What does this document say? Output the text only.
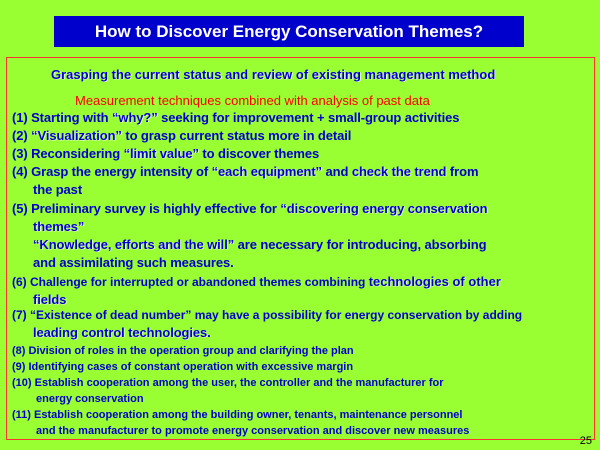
How to Discover Energy Conservation Themes?
Grasping the current status and review of existing management method
Measurement techniques combined with analysis of past data
(1) Starting with “why?” seeking for improvement + small-group activities
(2) “Visualization” to grasp current status more in detail
(3) Reconsidering “limit value” to discover themes
(4) Grasp the energy intensity of “each equipment” and check the trend from
the past
(5) Preliminary survey is highly effective for “discovering energy conservation
themes”
“Knowledge, efforts and the will” are necessary for introducing, absorbing
and assimilating such measures.
(6) Challenge for interrupted or abandoned themes combining technologies of other
fields
(7) “Existence of dead number” may have a possibility for energy conservation by adding
leading control technologies.
(8) Division of roles in the operation group and clarifying the plan
(9) Identifying cases of constant operation with excessive margin
(10) Establish cooperation among the user, the controller and the manufacturer for
energy conservation
(11) Establish cooperation among the building owner, tenants, maintenance personnel
and the manufacturer to promote energy conservation and discover new measures
25
